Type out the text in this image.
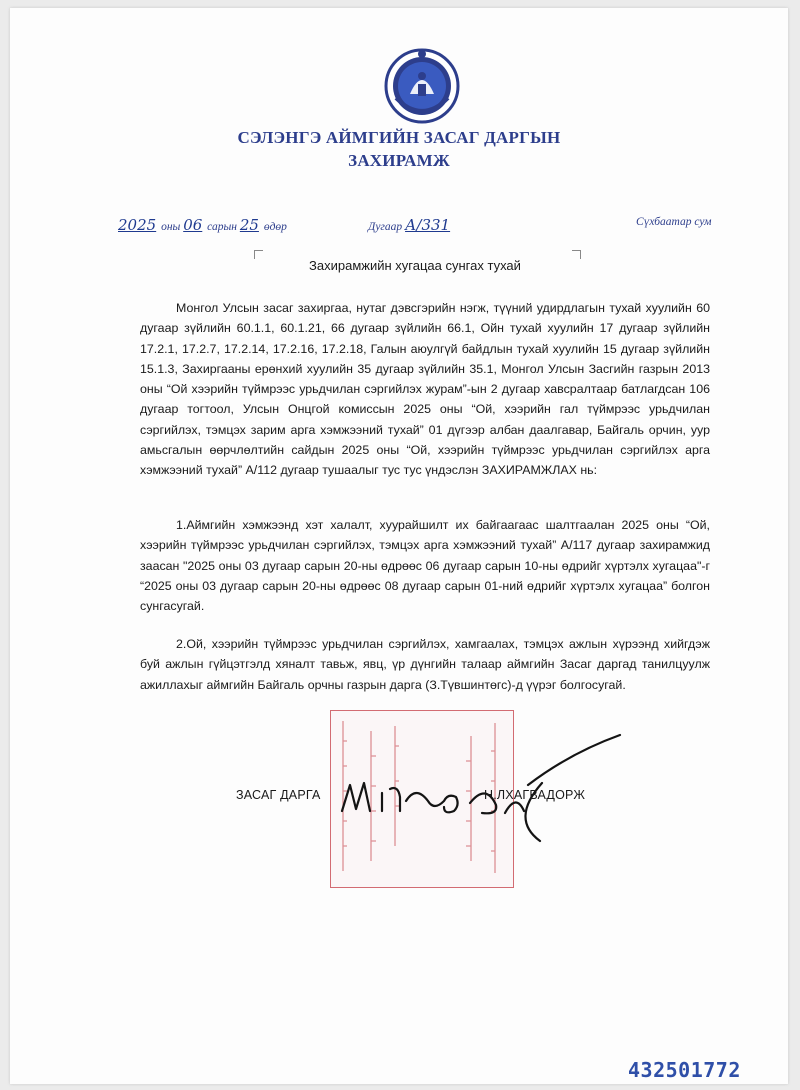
СЭЛЭНГЭ АЙМГИЙН ЗАСАГ ДАРГЫН
ЗАХИРАМЖ
2025 оны 06 сарын 25 өдөр	Дугаар А/331	Сүхбаатар сум
Захирамжийн хугацаа сунгах тухай
Монгол Улсын засаг захиргаа, нутаг дэвсгэрийн нэгж, түүний удирдлагын тухай хуулийн 60 дугаар зүйлийн 60.1.1, 60.1.21, 66 дугаар зүйлийн 66.1, Ойн тухай хуулийн 17 дугаар зүйлийн 17.2.1, 17.2.7, 17.2.14, 17.2.16, 17.2.18, Галын аюулгүй байдлын тухай хуулийн 15 дугаар зүйлийн 15.1.3, Захиргааны ерөнхий хуулийн 35 дугаар зүйлийн 35.1, Монгол Улсын Засгийн газрын 2013 оны “Ой хээрийн түймрээс урьдчилан сэргийлэх журам”-ын 2 дугаар хавсралтаар батлагдсан 106 дугаар тогтоол, Улсын Онцгой комиссын 2025 оны “Ой, хээрийн гал түймрээс урьдчилан сэргийлэх, тэмцэх зарим арга хэмжээний тухай” 01 дүгээр албан даалгавар, Байгаль орчин, уур амьсгалын өөрчлөлтийн сайдын 2025 оны “Ой, хээрийн түймрээс урьдчилан сэргийлэх арга хэмжээний тухай” А/112 дугаар тушаалыг тус тус үндэслэн ЗАХИРАМЖЛАХ нь:
1.Аймгийн хэмжээнд хэт халалт, хуурайшилт их байгаагаас шалтгаалан 2025 оны “Ой, хээрийн түймрээс урьдчилан сэргийлэх, тэмцэх арга хэмжээний тухай” А/117 дугаар захирамжид заасан "2025 оны 03 дугаар сарын 20-ны өдрөөс 06 дугаар сарын 10-ны өдрийг хүртэлх хугацаа"-г “2025 оны 03 дугаар сарын 20-ны өдрөөс 08 дугаар сарын 01-ний өдрийг хүртэлх хугацаа” болгон сунгасугай.
2.Ой, хээрийн түймрээс урьдчилан сэргийлэх, хамгаалах, тэмцэх ажлын хүрээнд хийгдэж буй ажлын гүйцэтгэлд хяналт тавьж, явц, үр дүнгийн талаар аймгийн Засаг даргад танилцуулж ажиллахыг аймгийн Байгаль орчны газрын дарга (З.Түвшинтөгс)-д үүрэг болгосугай.
ЗАСАГ ДАРГА	Н.ЛХАГВАДОРЖ
432501772
